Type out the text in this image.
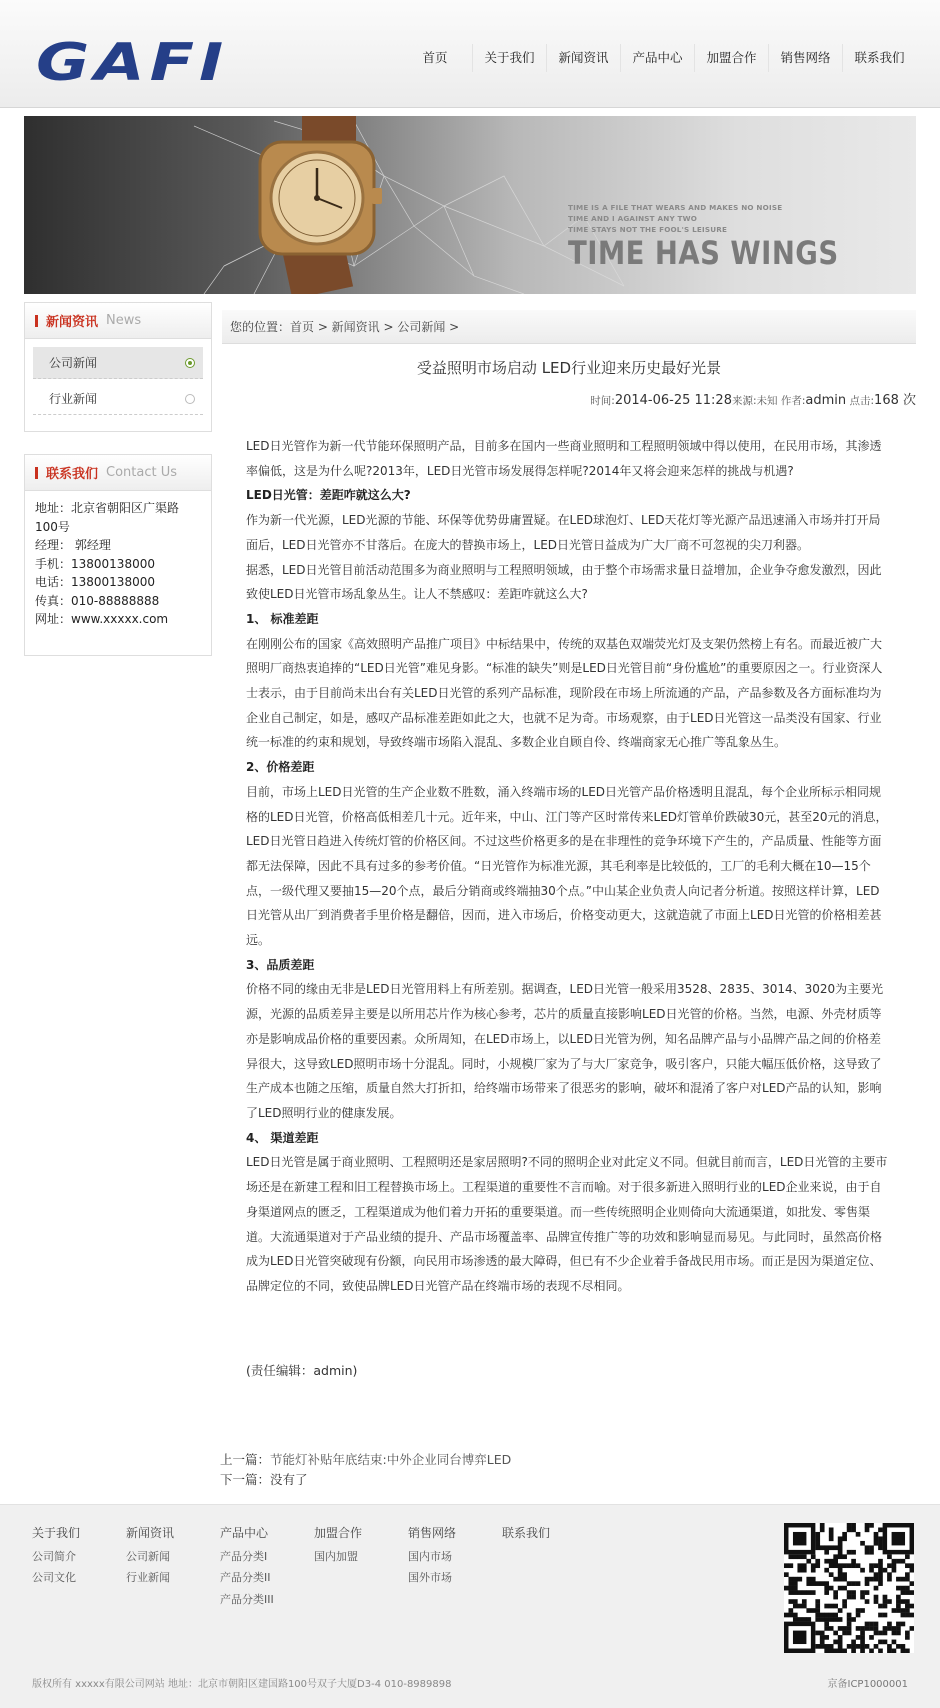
GAFI	首页	关于我们	新闻资讯	产品中心	加盟合作	销售网络	联系我们
TIME IS A FILE THAT WEARS AND MAKES NO NOISE
TIME AND I AGAINST ANY TWO
TIME STAYS NOT THE FOOL'S LEISURE
TIME HAS WINGS
新闻资讯 News
公司新闻
行业新闻
联系我们 Contact Us
地址：北京省朝阳区广渠路100号
经理： 郭经理
手机：13800138000
电话：13800138000
传真：010-88888888
网址：www.xxxxx.com
您的位置：首页 > 新闻资讯 > 公司新闻 >
受益照明市场启动 LED行业迎来历史最好光景
时间:2014-06-25 11:28来源:未知 作者:admin 点击:168 次

LED日光管作为新一代节能环保照明产品，目前多在国内一些商业照明和工程照明领域中得以使用，在民用市场，其渗透率偏低，这是为什么呢?2013年，LED日光管市场发展得怎样呢?2014年又将会迎来怎样的挑战与机遇?

LED日光管：差距咋就这么大?

作为新一代光源，LED光源的节能、环保等优势毋庸置疑。在LED球泡灯、LED天花灯等光源产品迅速涌入市场并打开局面后，LED日光管亦不甘落后。在庞大的替换市场上，LED日光管日益成为广大厂商不可忽视的尖刀利器。

据悉，LED日光管目前活动范围多为商业照明与工程照明领域，由于整个市场需求量日益增加，企业争夺愈发激烈，因此致使LED日光管市场乱象丛生。让人不禁感叹：差距咋就这么大?

1、 标准差距

在刚刚公布的国家《高效照明产品推广项目》中标结果中，传统的双基色双端荧光灯及支架仍然榜上有名。而最近被广大照明厂商热衷追捧的“LED日光管”难见身影。“标准的缺失”则是LED日光管目前“身份尴尬”的重要原因之一。行业资深人士表示，由于目前尚未出台有关LED日光管的系列产品标准，现阶段在市场上所流通的产品，产品参数及各方面标准均为企业自己制定，如是，感叹产品标准差距如此之大，也就不足为奇。市场观察，由于LED日光管这一品类没有国家、行业统一标准的约束和规划，导致终端市场陷入混乱、多数企业自顾自伶、终端商家无心推广等乱象丛生。

2、价格差距

目前，市场上LED日光管的生产企业数不胜数，涌入终端市场的LED日光管产品价格透明且混乱，每个企业所标示相同规格的LED日光管，价格高低相差几十元。近年来，中山、江门等产区时常传来LED灯管单价跌破30元，甚至20元的消息，LED日光管日趋进入传统灯管的价格区间。不过这些价格更多的是在非理性的竞争环境下产生的，产品质量、性能等方面都无法保障，因此不具有过多的参考价值。“日光管作为标准光源，其毛利率是比较低的，工厂的毛利大概在10—15个点，一级代理又要抽15—20个点，最后分销商或终端抽30个点。”中山某企业负责人向记者分析道。按照这样计算，LED日光管从出厂到消费者手里价格是翻倍，因而，进入市场后，价格变动更大，这就造就了市面上LED日光管的价格相差甚远。

3、品质差距

价格不同的缘由无非是LED日光管用料上有所差别。据调查，LED日光管一般采用3528、2835、3014、3020为主要光源，光源的品质差异主要是以所用芯片作为核心参考，芯片的质量直接影响LED日光管的价格。当然，电源、外壳材质等亦是影响成品价格的重要因素。众所周知，在LED市场上，以LED日光管为例，知名品牌产品与小品牌产品之间的价格差异很大，这导致LED照明市场十分混乱。同时，小规模厂家为了与大厂家竞争，吸引客户，只能大幅压低价格，这导致了生产成本也随之压缩，质量自然大打折扣，给终端市场带来了很恶劣的影响，破坏和混淆了客户对LED产品的认知，影响了LED照明行业的健康发展。

4、 渠道差距

LED日光管是属于商业照明、工程照明还是家居照明?不同的照明企业对此定义不同。但就目前而言，LED日光管的主要市场还是在新建工程和旧工程替换市场上。工程渠道的重要性不言而喻。对于很多新进入照明行业的LED企业来说，由于自身渠道网点的匮乏，工程渠道成为他们着力开拓的重要渠道。而一些传统照明企业则倚向大流通渠道，如批发、零售渠道。大流通渠道对于产品业绩的提升、产品市场覆盖率、品牌宣传推广等的功效和影响显而易见。与此同时，虽然高价格成为LED日光管突破现有份额，向民用市场渗透的最大障碍，但已有不少企业着手备战民用市场。而正是因为渠道定位、品牌定位的不同，致使品牌LED日光管产品在终端市场的表现不尽相同。

(责任编辑：admin)
上一篇：节能灯补贴年底结束:中外企业同台博弈LED
下一篇：没有了
关于我们
公司简介
公司文化
新闻资讯
公司新闻
行业新闻
产品中心
产品分类I
产品分类II
产品分类III
加盟合作
国内加盟
销售网络
国内市场
国外市场
联系我们
版权所有 xxxxx有限公司网站 地址：北京市朝阳区建国路100号双子大厦D3-4 010-8989898	京备ICP1000001
